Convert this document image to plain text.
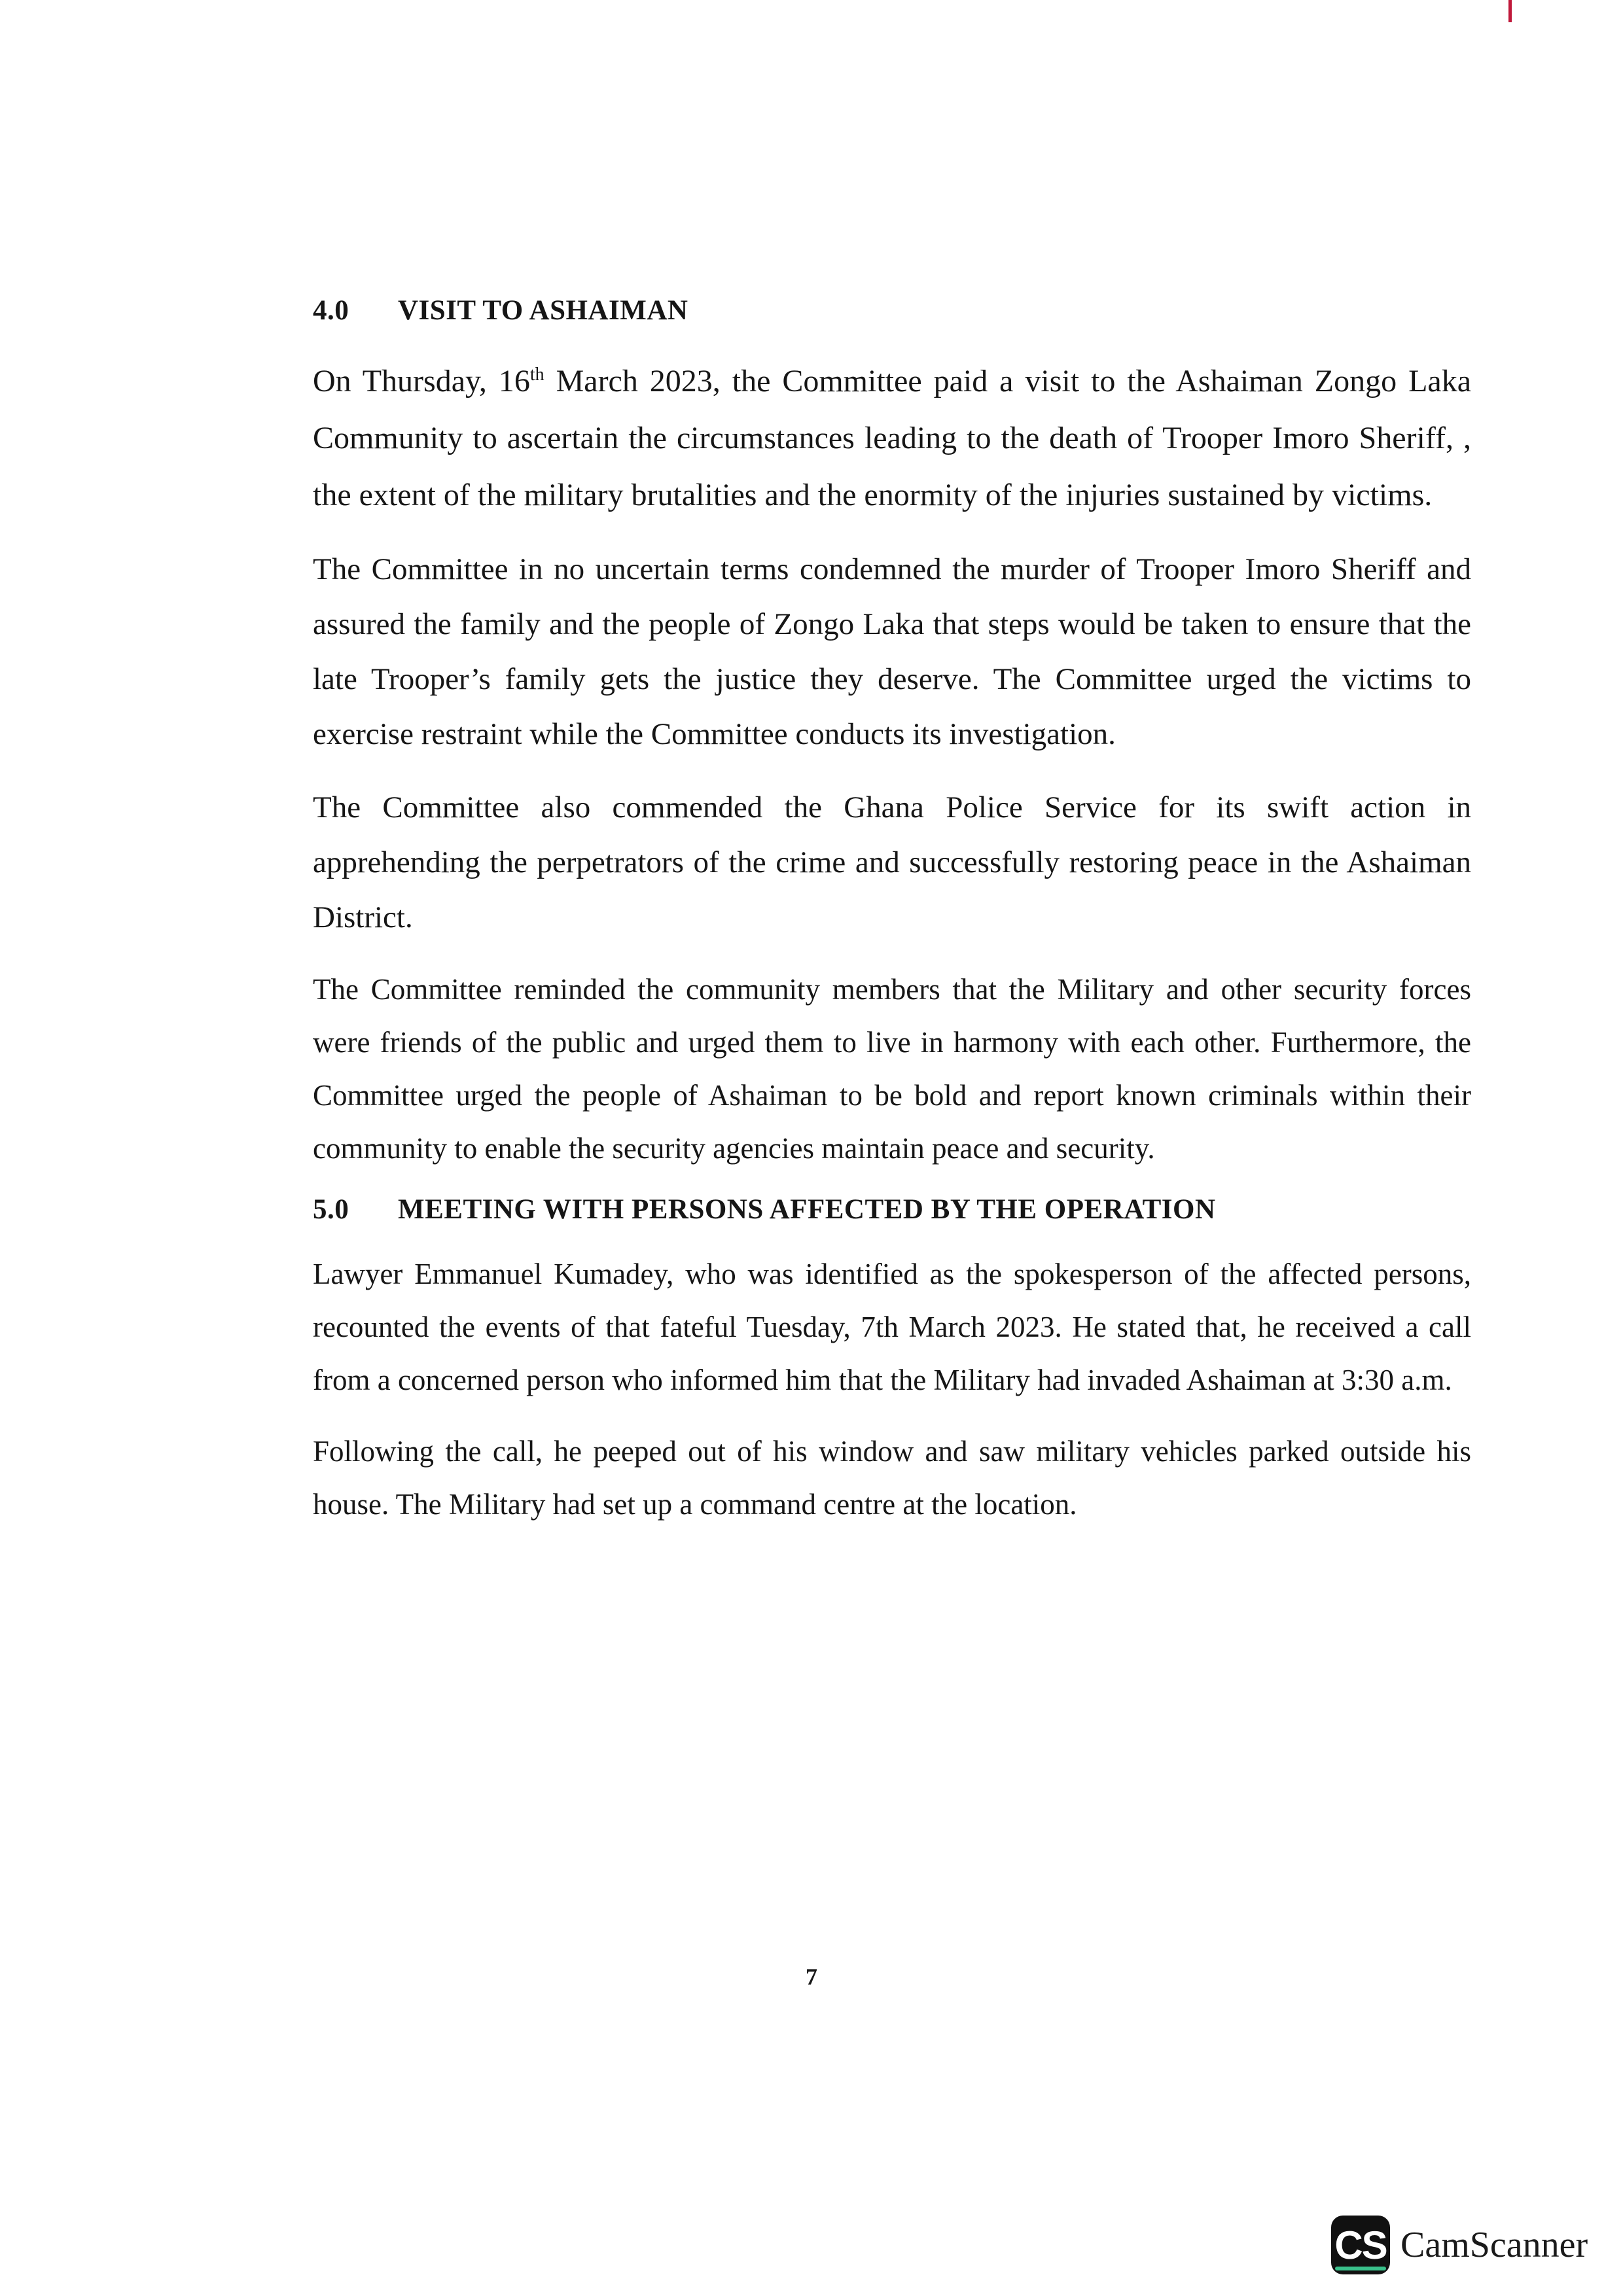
4.0	VISIT TO ASHAIMAN

On Thursday, 16th March 2023, the Committee paid a visit to the Ashaiman Zongo Laka Community to ascertain the circumstances leading to the death of Trooper Imoro Sheriff, , the extent of the military brutalities and the enormity of the injuries sustained by victims.

The Committee in no uncertain terms condemned the murder of Trooper Imoro Sheriff and assured the family and the people of Zongo Laka that steps would be taken to ensure that the late Trooper’s family gets the justice they deserve. The Committee urged the victims to exercise restraint while the Committee conducts its investigation.

The Committee also commended the Ghana Police Service for its swift action in apprehending the perpetrators of the crime and successfully restoring peace in the Ashaiman District.

The Committee reminded the community members that the Military and other security forces were friends of the public and urged them to live in harmony with each other. Furthermore, the Committee urged the people of Ashaiman to be bold and report known criminals within their community to enable the security agencies maintain peace and security.

5.0	MEETING WITH PERSONS AFFECTED BY THE OPERATION

Lawyer Emmanuel Kumadey, who was identified as the spokesperson of the affected persons, recounted the events of that fateful Tuesday, 7th March 2023. He stated that, he received a call from a concerned person who informed him that the Military had invaded Ashaiman at 3:30 a.m.

Following the call, he peeped out of his window and saw military vehicles parked outside his house. The Military had set up a command centre at the location.

7
CS CamScanner
